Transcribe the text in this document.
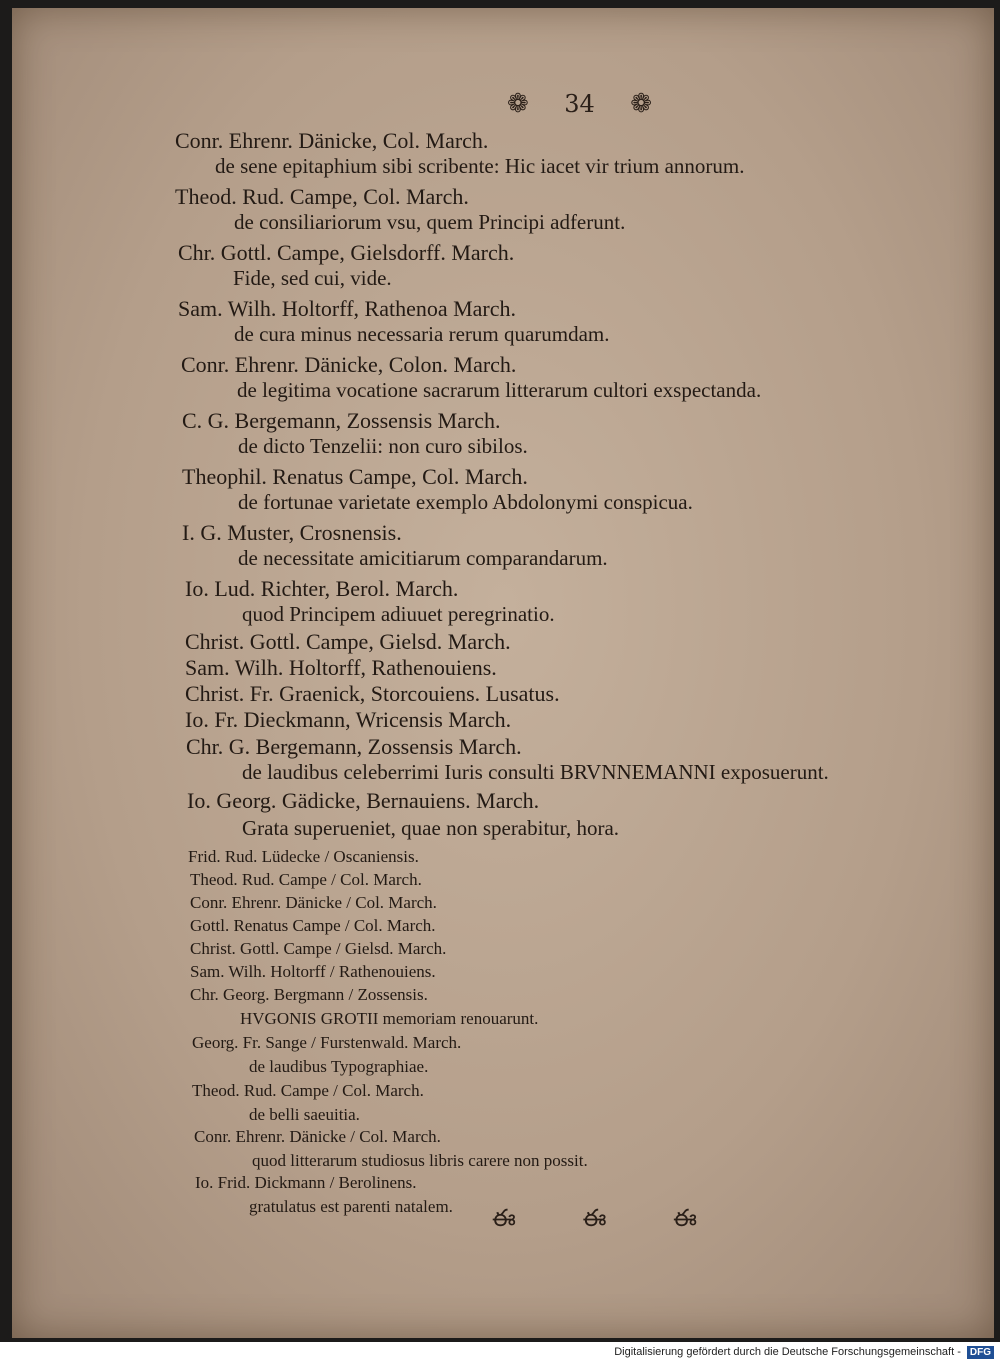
❁ 34 ❁
Conr. Ehrenr. Dänicke, Col. March.
de sene epitaphium sibi scribente: Hic iacet vir trium annorum.
Theod. Rud. Campe, Col. March.
de consiliariorum vsu, quem Principi adferunt.
Chr. Gottl. Campe, Gielsdorff. March.
Fide, sed cui, vide.
Sam. Wilh. Holtorff, Rathenoa March.
de cura minus necessaria rerum quarumdam.
Conr. Ehrenr. Dänicke, Colon. March.
de legitima vocatione sacrarum litterarum cultori exspectanda.
C. G. Bergemann, Zossensis March.
de dicto Tenzelii: non curo sibilos.
Theophil. Renatus Campe, Col. March.
de fortunae varietate exemplo Abdolonymi conspicua.
I. G. Muster, Crosnensis.
de necessitate amicitiarum comparandarum.
Io. Lud. Richter, Berol. March.
quod Principem adiuuet peregrinatio.
Christ. Gottl. Campe, Gielsd. March.
Sam. Wilh. Holtorff, Rathenouiens.
Christ. Fr. Graenick, Storcouiens. Lusatus.
Io. Fr. Dieckmann, Wricensis March.
Chr. G. Bergemann, Zossensis March.
de laudibus celeberrimi Iuris consulti BRVNNEMANNI exposuerunt.
Io. Georg. Gädicke, Bernauiens. March.
Grata superueniet, quae non sperabitur, hora.
Frid. Rud. Lüdecke / Oscaniensis.
Theod. Rud. Campe / Col. March.
Conr. Ehrenr. Dänicke / Col. March.
Gottl. Renatus Campe / Col. March.
Christ. Gottl. Campe / Gielsd. March.
Sam. Wilh. Holtorff / Rathenouiens.
Chr. Georg. Bergmann / Zossensis.
HVGONIS GROTII memoriam renouarunt.
Georg. Fr. Sange / Furstenwald. March.
de laudibus Typographiae.
Theod. Rud. Campe / Col. March.
de belli saeuitia.
Conr. Ehrenr. Dänicke / Col. March.
quod litterarum studiosus libris carere non possit.
Io. Frid. Dickmann / Berolinens.
gratulatus est parenti natalem. ఈ	ఈ	ఈ
Digitalisierung gefördert durch die Deutsche Forschungsgemeinschaft - DFG
